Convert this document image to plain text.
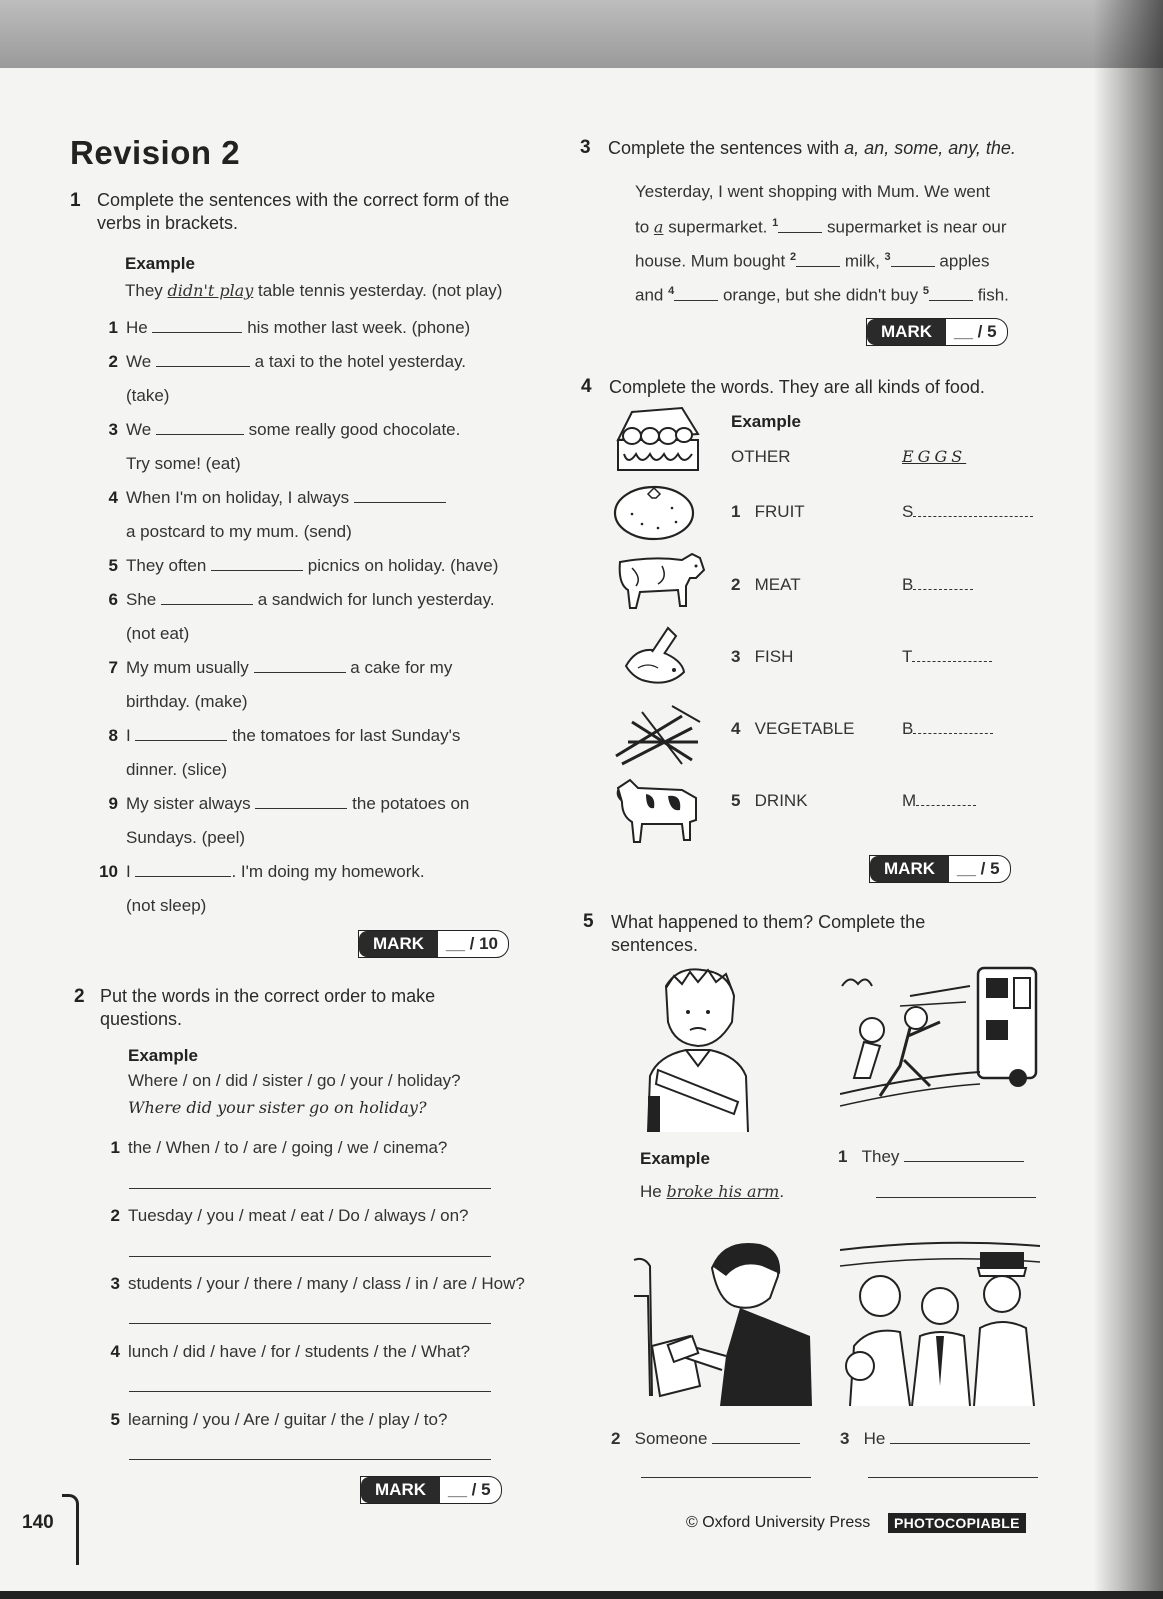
Revision 2
1 Complete the sentences with the correct form of the verbs in brackets.
Example
They didn't play table tennis yesterday. (not play)
1 He	his mother last week. (phone)
2 We	a taxi to the hotel yesterday.
(take)
3 We	some really good chocolate.
Try some! (eat)
4 When I'm on holiday, I always
a postcard to my mum. (send)
5 They often	picnics on holiday. (have)
6 She	a sandwich for lunch yesterday.
(not eat)
7 My mum usually	a cake for my
birthday. (make)
8 I	the tomatoes for last Sunday's
dinner. (slice)
9 My sister always	the potatoes on
Sundays. (peel)
10 I	. I'm doing my homework.
(not sleep)
MARK	__ / 10
2 Put the words in the correct order to make questions.
Example
Where / on / did / sister / go / your / holiday?
Where did your sister go on holiday?
1 the / When / to / are / going / we / cinema?
2 Tuesday / you / meat / eat / Do / always / on?
3 students / your / there / many / class / in / are / How?
4 lunch / did / have / for / students / the / What?
5 learning / you / Are / guitar / the / play / to?
MARK	__ / 5
3 Complete the sentences with a, an, some, any, the.
Yesterday, I went shopping with Mum. We went
to a supermarket. $^1$	supermarket is near our
house. Mum bought $^2$	milk, $^3$	apples
and $^4$	orange, but she didn't buy $^5$	fish.
MARK	__ / 5
4 Complete the words. They are all kinds of food.
Example
OTHER	EGGS
1 FRUIT	S
2 MEAT	B
3 FISH	T
4 VEGETABLE	B
5 DRINK	M
MARK	__ / 5
5 What happened to them? Complete the sentences.
Example
He broke his arm.
1 They
2 Someone	3 He
140	© Oxford University Press	PHOTOCOPIABLE
